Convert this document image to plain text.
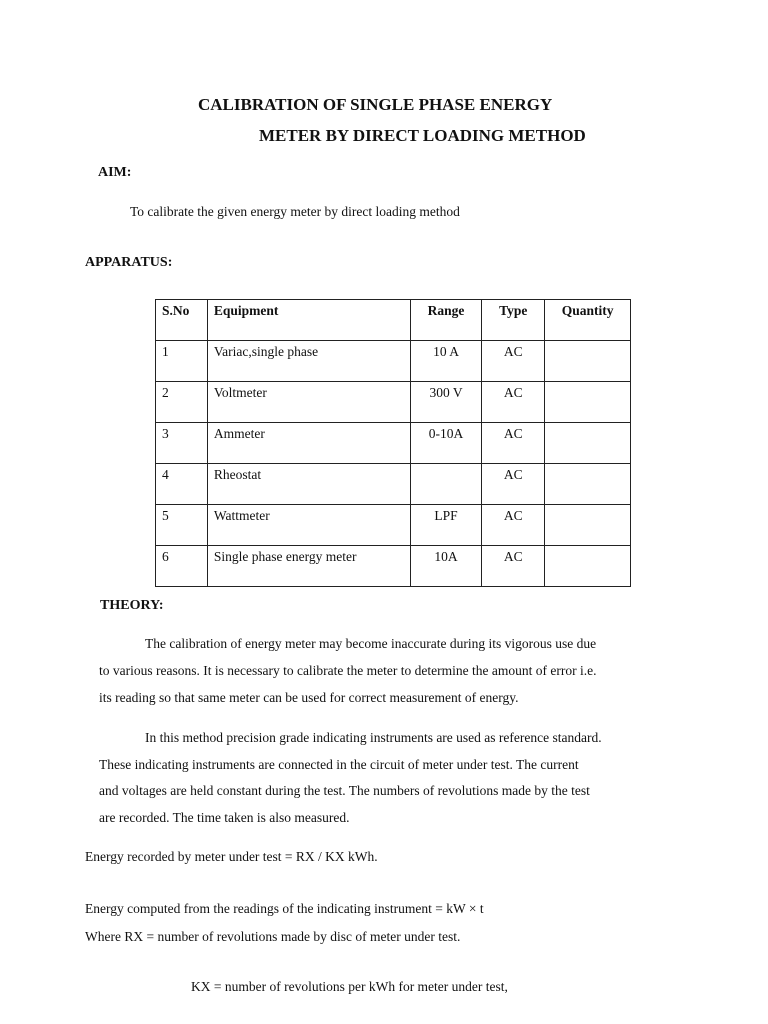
CALIBRATION OF SINGLE PHASE ENERGY
METER BY DIRECT LOADING METHOD
AIM:
To calibrate the given energy meter by direct loading method
APPARATUS:
S.No	Equipment	Range	Type	Quantity
1	Variac,single phase	10 A	AC	
2	Voltmeter	300 V	AC	
3	Ammeter	0-10A	AC	
4	Rheostat		AC	
5	Wattmeter	LPF	AC	
6	Single phase energy meter	10A	AC	
THEORY:
The calibration of energy meter may become inaccurate during its vigorous use due
to various reasons. It is necessary to calibrate the meter to determine the amount of error i.e.
its reading so that same meter can be used for correct measurement of energy.
In this method precision grade indicating instruments are used as reference standard.
These indicating instruments are connected in the circuit of meter under test. The current
and voltages are held constant during the test. The numbers of revolutions made by the test
are recorded. The time taken is also measured.
Energy recorded by meter under test = RX / KX kWh.
Energy computed from the readings of the indicating instrument = kW × t
Where RX = number of revolutions made by disc of meter under test.
KX = number of revolutions per kWh for meter under test,
